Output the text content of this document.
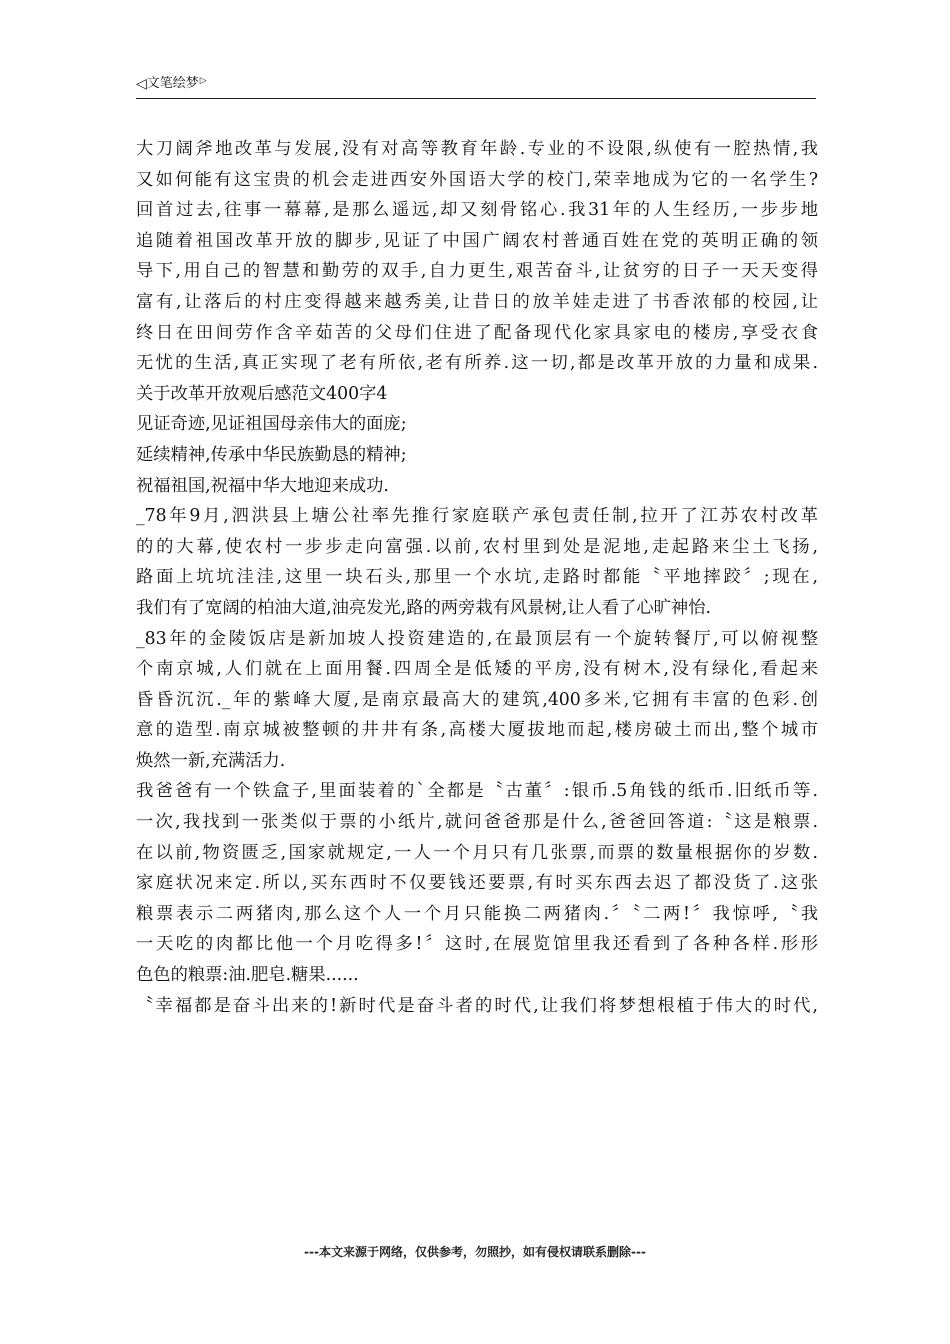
◁文笔绘梦▷
大刀阔斧地改革与发展,没有对高等教育年龄.专业的不设限,纵使有一腔热情,我
又如何能有这宝贵的机会走进西安外国语大学的校门,荣幸地成为它的一名学生?
回首过去,往事一幕幕,是那么遥远,却又刻骨铭心.我31年的人生经历,一步步地
追随着祖国改革开放的脚步,见证了中国广阔农村普通百姓在党的英明正确的领
导下,用自己的智慧和勤劳的双手,自力更生,艰苦奋斗,让贫穷的日子一天天变得
富有,让落后的村庄变得越来越秀美,让昔日的放羊娃走进了书香浓郁的校园,让
终日在田间劳作含辛茹苦的父母们住进了配备现代化家具家电的楼房,享受衣食
无忧的生活,真正实现了老有所依,老有所养.这一切,都是改革开放的力量和成果.
关于改革开放观后感范文400字4
见证奇迹,见证祖国母亲伟大的面庞;
延续精神,传承中华民族勤恳的精神;
祝福祖国,祝福中华大地迎来成功.
_78年9月,泗洪县上塘公社率先推行家庭联产承包责任制,拉开了江苏农村改革
的的大幕,使农村一步步走向富强.以前,农村里到处是泥地,走起路来尘土飞扬,
路面上坑坑洼洼,这里一块石头,那里一个水坑,走路时都能〝平地摔跤〞;现在,
我们有了宽阔的柏油大道,油亮发光,路的两旁栽有风景树,让人看了心旷神怡.
_83年的金陵饭店是新加坡人投资建造的,在最顶层有一个旋转餐厅,可以俯视整
个南京城,人们就在上面用餐.四周全是低矮的平房,没有树木,没有绿化,看起来
昏昏沉沉._年的紫峰大厦,是南京最高大的建筑,400多米,它拥有丰富的色彩.创
意的造型.南京城被整顿的井井有条,高楼大厦拔地而起,楼房破土而出,整个城市
焕然一新,充满活力.
我爸爸有一个铁盒子,里面装着的`全都是〝古董〞:银币.5角钱的纸币.旧纸币等.
一次,我找到一张类似于票的小纸片,就问爸爸那是什么,爸爸回答道:〝这是粮票.
在以前,物资匮乏,国家就规定,一人一个月只有几张票,而票的数量根据你的岁数.
家庭状况来定.所以,买东西时不仅要钱还要票,有时买东西去迟了都没货了.这张
粮票表示二两猪肉,那么这个人一个月只能换二两猪肉.〞〝二两!〞我惊呼,〝我
一天吃的肉都比他一个月吃得多!〞这时,在展览馆里我还看到了各种各样.形形
色色的粮票:油.肥皂.糖果......
〝幸福都是奋斗出来的!新时代是奋斗者的时代,让我们将梦想根植于伟大的时代,
---本文来源于网络，仅供参考，勿照抄，如有侵权请联系删除---
